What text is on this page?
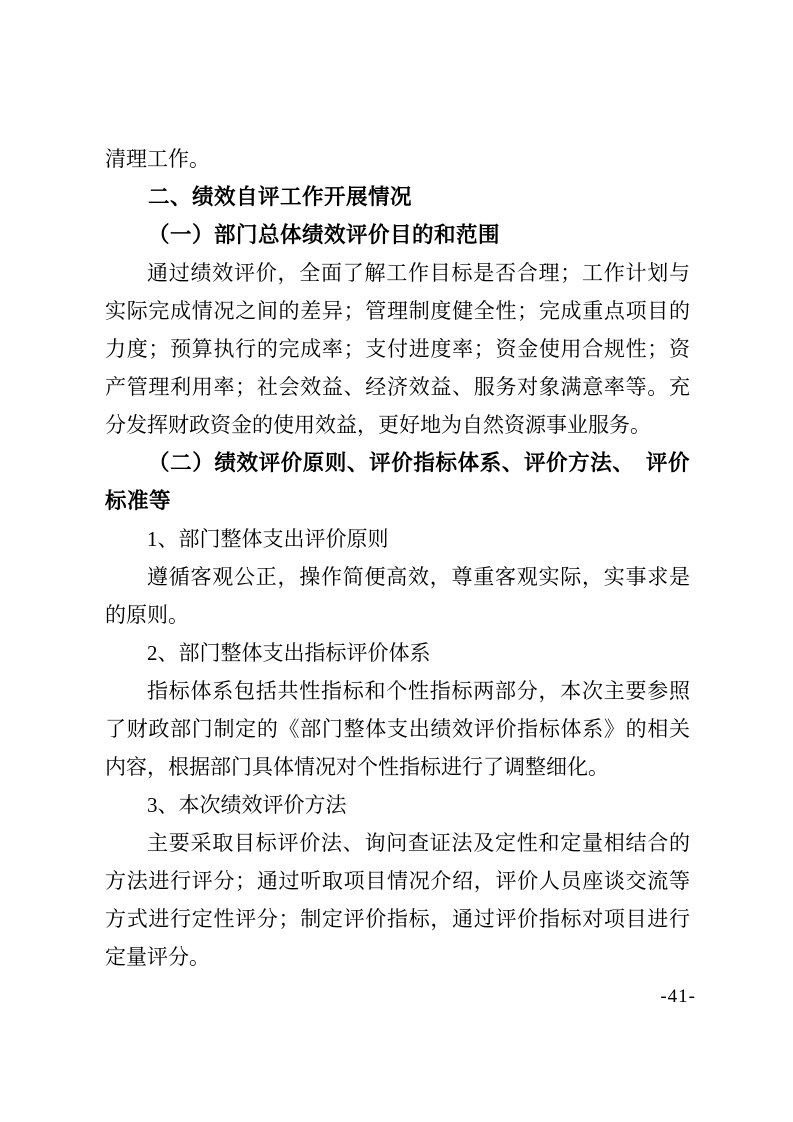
清理工作。

二、绩效自评工作开展情况

（一）部门总体绩效评价目的和范围

通过绩效评价，全面了解工作目标是否合理；工作计划与实际完成情况之间的差异；管理制度健全性；完成重点项目的力度；预算执行的完成率；支付进度率；资金使用合规性；资产管理利用率；社会效益、经济效益、服务对象满意率等。充分发挥财政资金的使用效益，更好地为自然资源事业服务。

（二）绩效评价原则、评价指标体系、评价方法、　评价标准等

1、部门整体支出评价原则

遵循客观公正，操作简便高效，尊重客观实际，实事求是的原则。

2、部门整体支出指标评价体系

指标体系包括共性指标和个性指标两部分，本次主要参照了财政部门制定的《部门整体支出绩效评价指标体系》的相关内容，根据部门具体情况对个性指标进行了调整细化。

3、本次绩效评价方法

主要采取目标评价法、询问查证法及定性和定量相结合的方法进行评分；通过听取项目情况介绍，评价人员座谈交流等方式进行定性评分；制定评价指标，通过评价指标对项目进行定量评分。

-41-
